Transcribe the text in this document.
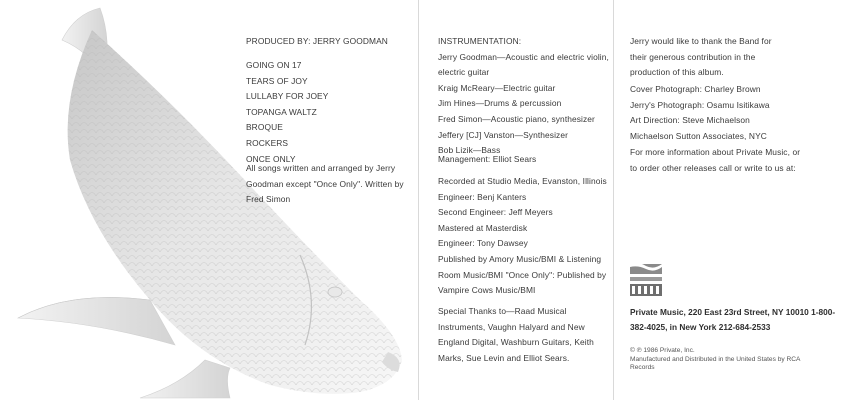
PRODUCED BY: JERRY GOODMAN
GOING ON 17
TEARS OF JOY
LULLABY FOR JOEY
TOPANGA WALTZ
BROQUE
ROCKERS
ONCE ONLY

All songs written and arranged by Jerry Goodman except "Once Only". Written by Fred Simon

INSTRUMENTATION:

Jerry Goodman—Acoustic and electric violin, electric guitar

Kraig McReary—Electric guitar

Jim Hines—Drums & percussion

Fred Simon—Acoustic piano, synthesizer

Jeffery [CJ] Vanston—Synthesizer

Bob Lizik—Bass

Management: Elliot Sears

Recorded at Studio Media, Evanston, Illinois

Engineer: Benj Kanters

Second Engineer: Jeff Meyers

Mastered at Masterdisk

Engineer: Tony Dawsey

Published by Amory Music/BMI & Listening Room Music/BMI "Once Only": Published by Vampire Cows Music/BMI

Special Thanks to—Raad Musical Instruments, Vaughn Halyard and New England Digital, Washburn Guitars, Keith Marks, Sue Levin and Elliot Sears.

Jerry would like to thank the Band for their generous contribution in the production of this album.

Cover Photograph: Charley Brown

Jerry's Photograph: Osamu Isitikawa

Art Direction: Steve Michaelson

Michaelson Sutton Associates, NYC

For more information about Private Music, or to order other releases call or write to us at:

Private Music, 220 East 23rd Street, NY 10010 1-800-382-4025, in New York 212-684-2533

© ℗ 1986 Private, Inc.

Manufactured and Distributed in the United States by RCA Records
